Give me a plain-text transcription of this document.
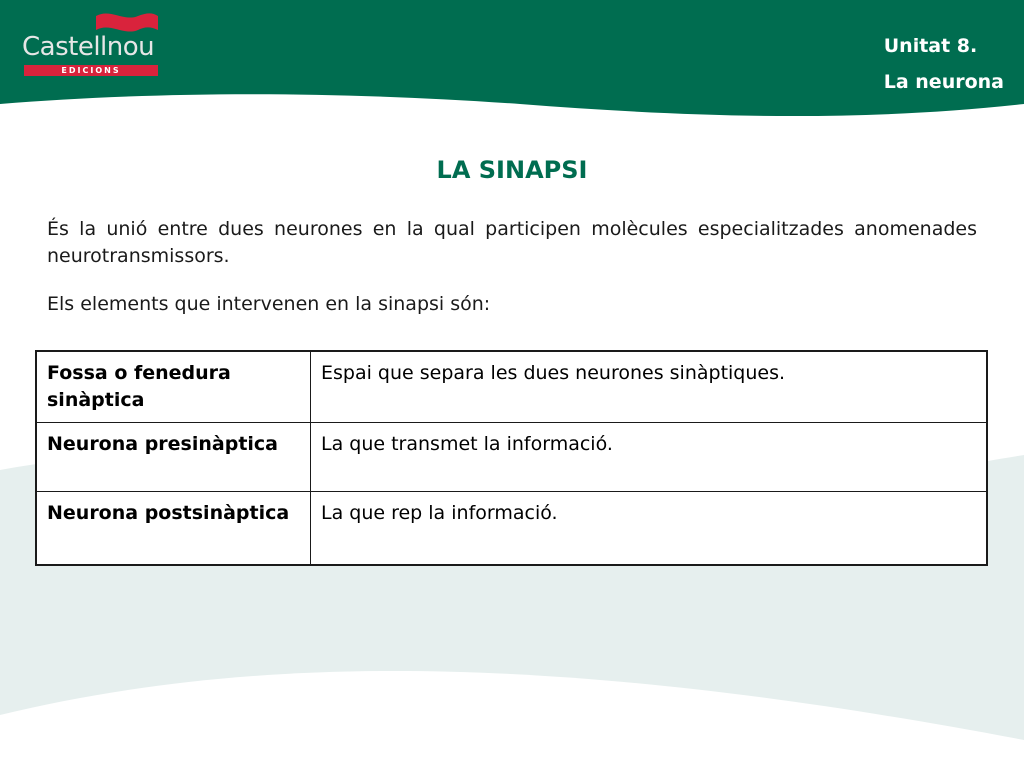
Castellnou
EDICIONS
Unitat 8.
La neurona
LA SINAPSI
És la unió entre dues neurones en la qual participen molècules especialitzades anomenades neurotransmissors.
Els elements que intervenen en la sinapsi són:
Fossa o fenedura sinàptica	Espai que separa les dues neurones sinàptiques.
Neurona presinàptica	La que transmet la informació.
Neurona postsinàptica	La que rep la informació.
